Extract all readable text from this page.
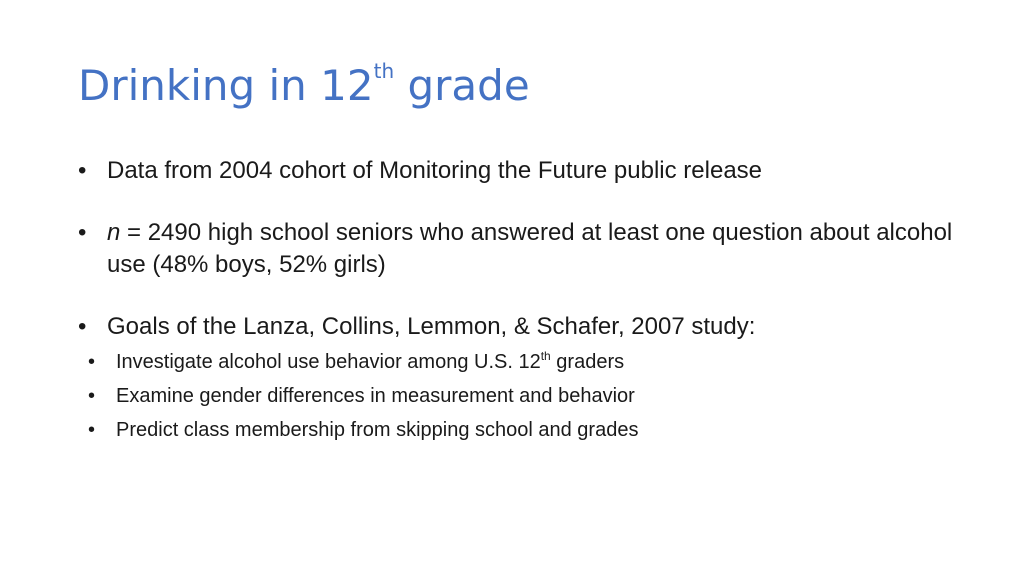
Drinking in 12th grade
• Data from 2004 cohort of Monitoring the Future public release
• n = 2490 high school seniors who answered at least one question about alcohol use (48% boys, 52% girls)
• Goals of the Lanza, Collins, Lemmon, & Schafer, 2007 study:
• Investigate alcohol use behavior among U.S. 12th graders
• Examine gender differences in measurement and behavior
• Predict class membership from skipping school and grades
